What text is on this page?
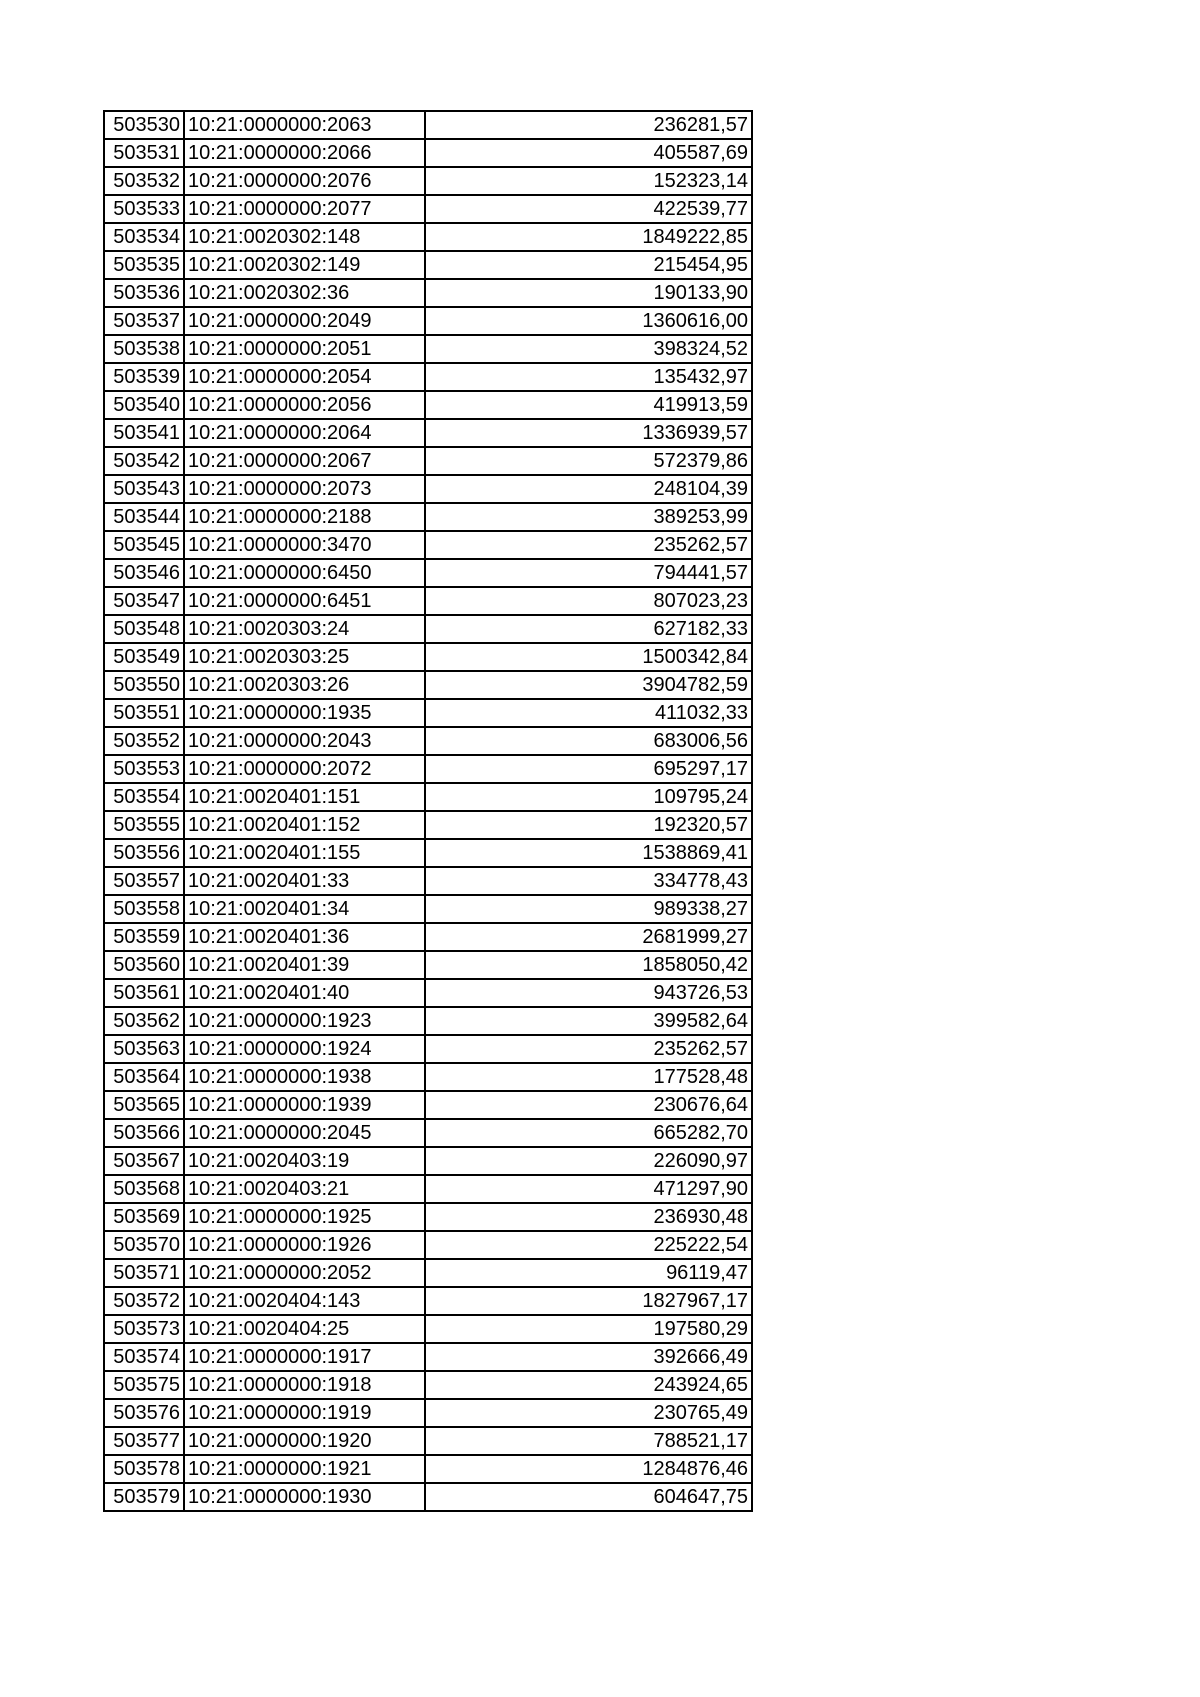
503530	10:21:0000000:2063	236281,57
503531	10:21:0000000:2066	405587,69
503532	10:21:0000000:2076	152323,14
503533	10:21:0000000:2077	422539,77
503534	10:21:0020302:148	1849222,85
503535	10:21:0020302:149	215454,95
503536	10:21:0020302:36	190133,90
503537	10:21:0000000:2049	1360616,00
503538	10:21:0000000:2051	398324,52
503539	10:21:0000000:2054	135432,97
503540	10:21:0000000:2056	419913,59
503541	10:21:0000000:2064	1336939,57
503542	10:21:0000000:2067	572379,86
503543	10:21:0000000:2073	248104,39
503544	10:21:0000000:2188	389253,99
503545	10:21:0000000:3470	235262,57
503546	10:21:0000000:6450	794441,57
503547	10:21:0000000:6451	807023,23
503548	10:21:0020303:24	627182,33
503549	10:21:0020303:25	1500342,84
503550	10:21:0020303:26	3904782,59
503551	10:21:0000000:1935	411032,33
503552	10:21:0000000:2043	683006,56
503553	10:21:0000000:2072	695297,17
503554	10:21:0020401:151	109795,24
503555	10:21:0020401:152	192320,57
503556	10:21:0020401:155	1538869,41
503557	10:21:0020401:33	334778,43
503558	10:21:0020401:34	989338,27
503559	10:21:0020401:36	2681999,27
503560	10:21:0020401:39	1858050,42
503561	10:21:0020401:40	943726,53
503562	10:21:0000000:1923	399582,64
503563	10:21:0000000:1924	235262,57
503564	10:21:0000000:1938	177528,48
503565	10:21:0000000:1939	230676,64
503566	10:21:0000000:2045	665282,70
503567	10:21:0020403:19	226090,97
503568	10:21:0020403:21	471297,90
503569	10:21:0000000:1925	236930,48
503570	10:21:0000000:1926	225222,54
503571	10:21:0000000:2052	96119,47
503572	10:21:0020404:143	1827967,17
503573	10:21:0020404:25	197580,29
503574	10:21:0000000:1917	392666,49
503575	10:21:0000000:1918	243924,65
503576	10:21:0000000:1919	230765,49
503577	10:21:0000000:1920	788521,17
503578	10:21:0000000:1921	1284876,46
503579	10:21:0000000:1930	604647,75
